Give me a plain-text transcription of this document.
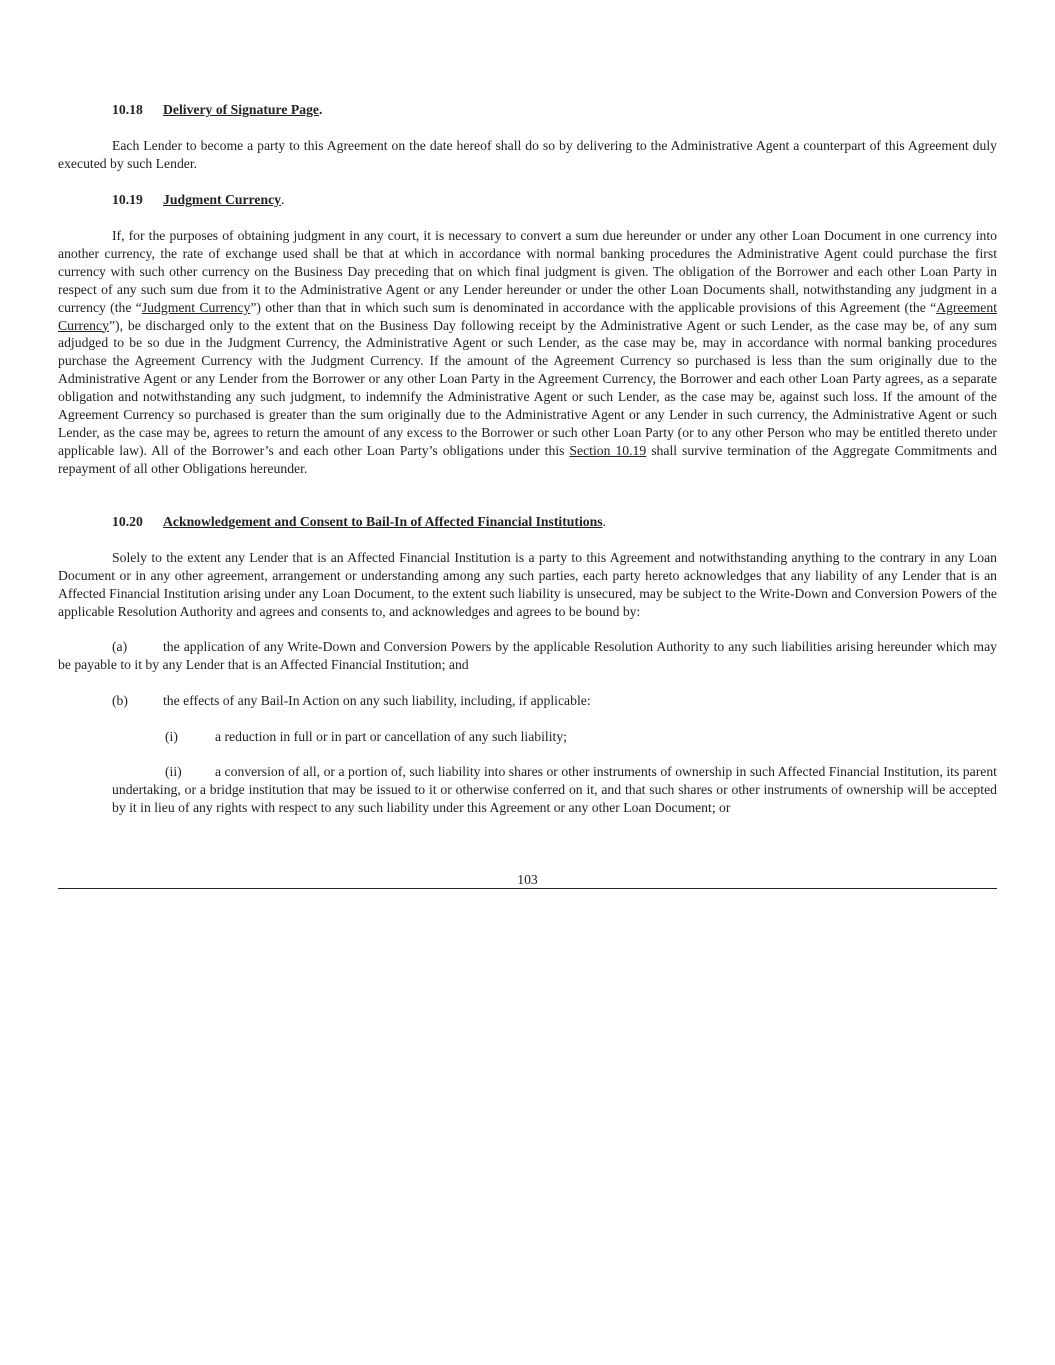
10.18 Delivery of Signature Page.

Each Lender to become a party to this Agreement on the date hereof shall do so by delivering to the Administrative Agent a counterpart of this Agreement duly executed by such Lender.

10.19 Judgment Currency.

If, for the purposes of obtaining judgment in any court, it is necessary to convert a sum due hereunder or under any other Loan Document in one currency into another currency, the rate of exchange used shall be that at which in accordance with normal banking procedures the Administrative Agent could purchase the first currency with such other currency on the Business Day preceding that on which final judgment is given. The obligation of the Borrower and each other Loan Party in respect of any such sum due from it to the Administrative Agent or any Lender hereunder or under the other Loan Documents shall, notwithstanding any judgment in a currency (the “Judgment Currency”) other than that in which such sum is denominated in accordance with the applicable provisions of this Agreement (the “Agreement Currency”), be discharged only to the extent that on the Business Day following receipt by the Administrative Agent or such Lender, as the case may be, of any sum adjudged to be so due in the Judgment Currency, the Administrative Agent or such Lender, as the case may be, may in accordance with normal banking procedures purchase the Agreement Currency with the Judgment Currency. If the amount of the Agreement Currency so purchased is less than the sum originally due to the Administrative Agent or any Lender from the Borrower or any other Loan Party in the Agreement Currency, the Borrower and each other Loan Party agrees, as a separate obligation and notwithstanding any such judgment, to indemnify the Administrative Agent or such Lender, as the case may be, against such loss. If the amount of the Agreement Currency so purchased is greater than the sum originally due to the Administrative Agent or any Lender in such currency, the Administrative Agent or such Lender, as the case may be, agrees to return the amount of any excess to the Borrower or such other Loan Party (or to any other Person who may be entitled thereto under applicable law). All of the Borrower’s and each other Loan Party’s obligations under this Section 10.19 shall survive termination of the Aggregate Commitments and repayment of all other Obligations hereunder.

10.20 Acknowledgement and Consent to Bail-In of Affected Financial Institutions.

Solely to the extent any Lender that is an Affected Financial Institution is a party to this Agreement and notwithstanding anything to the contrary in any Loan Document or in any other agreement, arrangement or understanding among any such parties, each party hereto acknowledges that any liability of any Lender that is an Affected Financial Institution arising under any Loan Document, to the extent such liability is unsecured, may be subject to the Write-Down and Conversion Powers of the applicable Resolution Authority and agrees and consents to, and acknowledges and agrees to be bound by:

(a)	the application of any Write-Down and Conversion Powers by the applicable Resolution Authority to any such liabilities arising hereunder which may be payable to it by any Lender that is an Affected Financial Institution; and

(b)	the effects of any Bail-In Action on any such liability, including, if applicable:

(i)	a reduction in full or in part or cancellation of any such liability;

(ii) a conversion of all, or a portion of, such liability into shares or other instruments of ownership in such Affected Financial Institution, its parent undertaking, or a bridge institution that may be issued to it or otherwise conferred on it, and that such shares or other instruments of ownership will be accepted by it in lieu of any rights with respect to any such liability under this Agreement or any other Loan Document; or

103
